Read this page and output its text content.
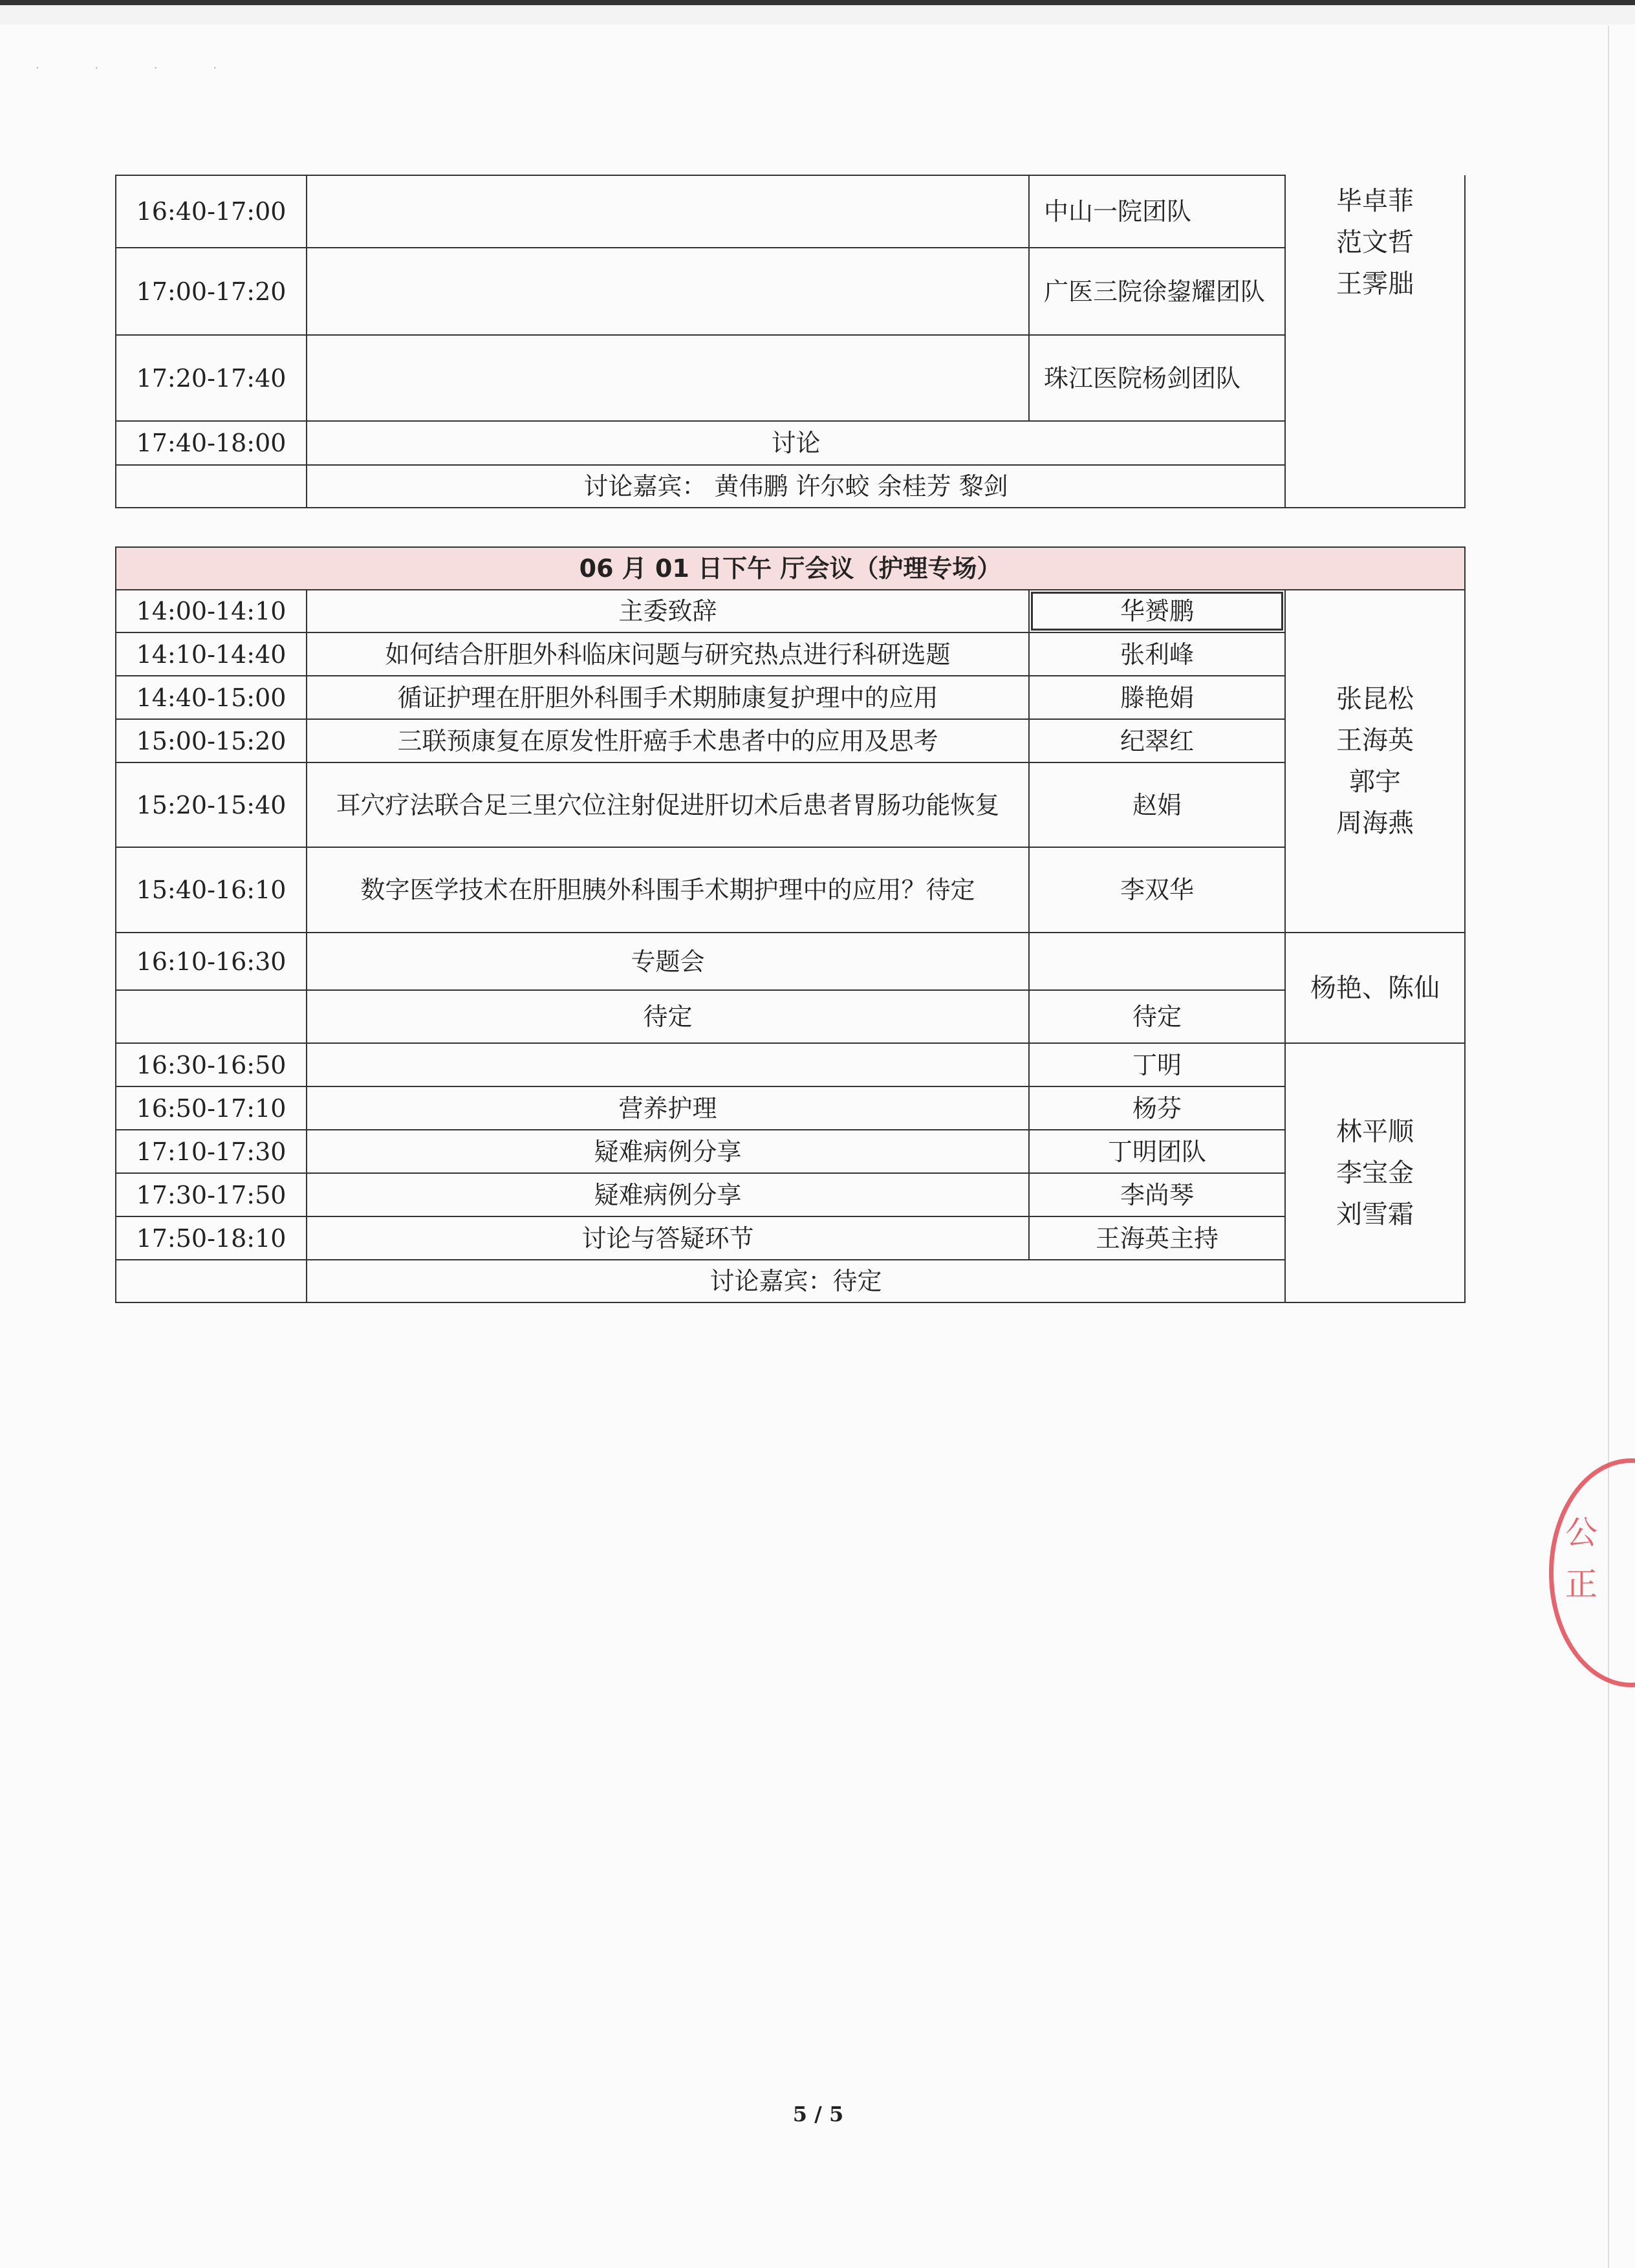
· · · ·
16:40-17:00		中山一院团队	毕卓菲
范文哲
王霁朏

17:00-17:20		广医三院徐鋆耀团队	
17:20-17:40		珠江医院杨剑团队	
17:40-18:00	讨论		
	讨论嘉宾： 黄伟鹏 许尔蛟 余桂芳 黎剑		
06 月 01 日下午 厅会议（护理专场）			
14:00-14:10	主委致辞	华赟鹏	张昆松
王海英
郭宇
周海燕

14:10-14:40	如何结合肝胆外科临床问题与研究热点进行科研选题	张利峰	
14:40-15:00	循证护理在肝胆外科围手术期肺康复护理中的应用	滕艳娟	
15:00-15:20	三联预康复在原发性肝癌手术患者中的应用及思考	纪翠红	
15:20-15:40	耳穴疗法联合足三里穴位注射促进肝切术后患者胃肠功能恢复	赵娟	
15:40-16:10	数字医学技术在肝胆胰外科围手术期护理中的应用？待定	李双华	
16:10-16:30	专题会		杨艳、陈仙
	待定	待定	
16:30-16:50		丁明	林平顺
李宝金
刘雪霜

16:50-17:10	营养护理	杨芬	
17:10-17:30	疑难病例分享	丁明团队	
17:30-17:50	疑难病例分享	李尚琴	
17:50-18:10	讨论与答疑环节	王海英主持	
	讨论嘉宾：待定		
5 / 5
公正
